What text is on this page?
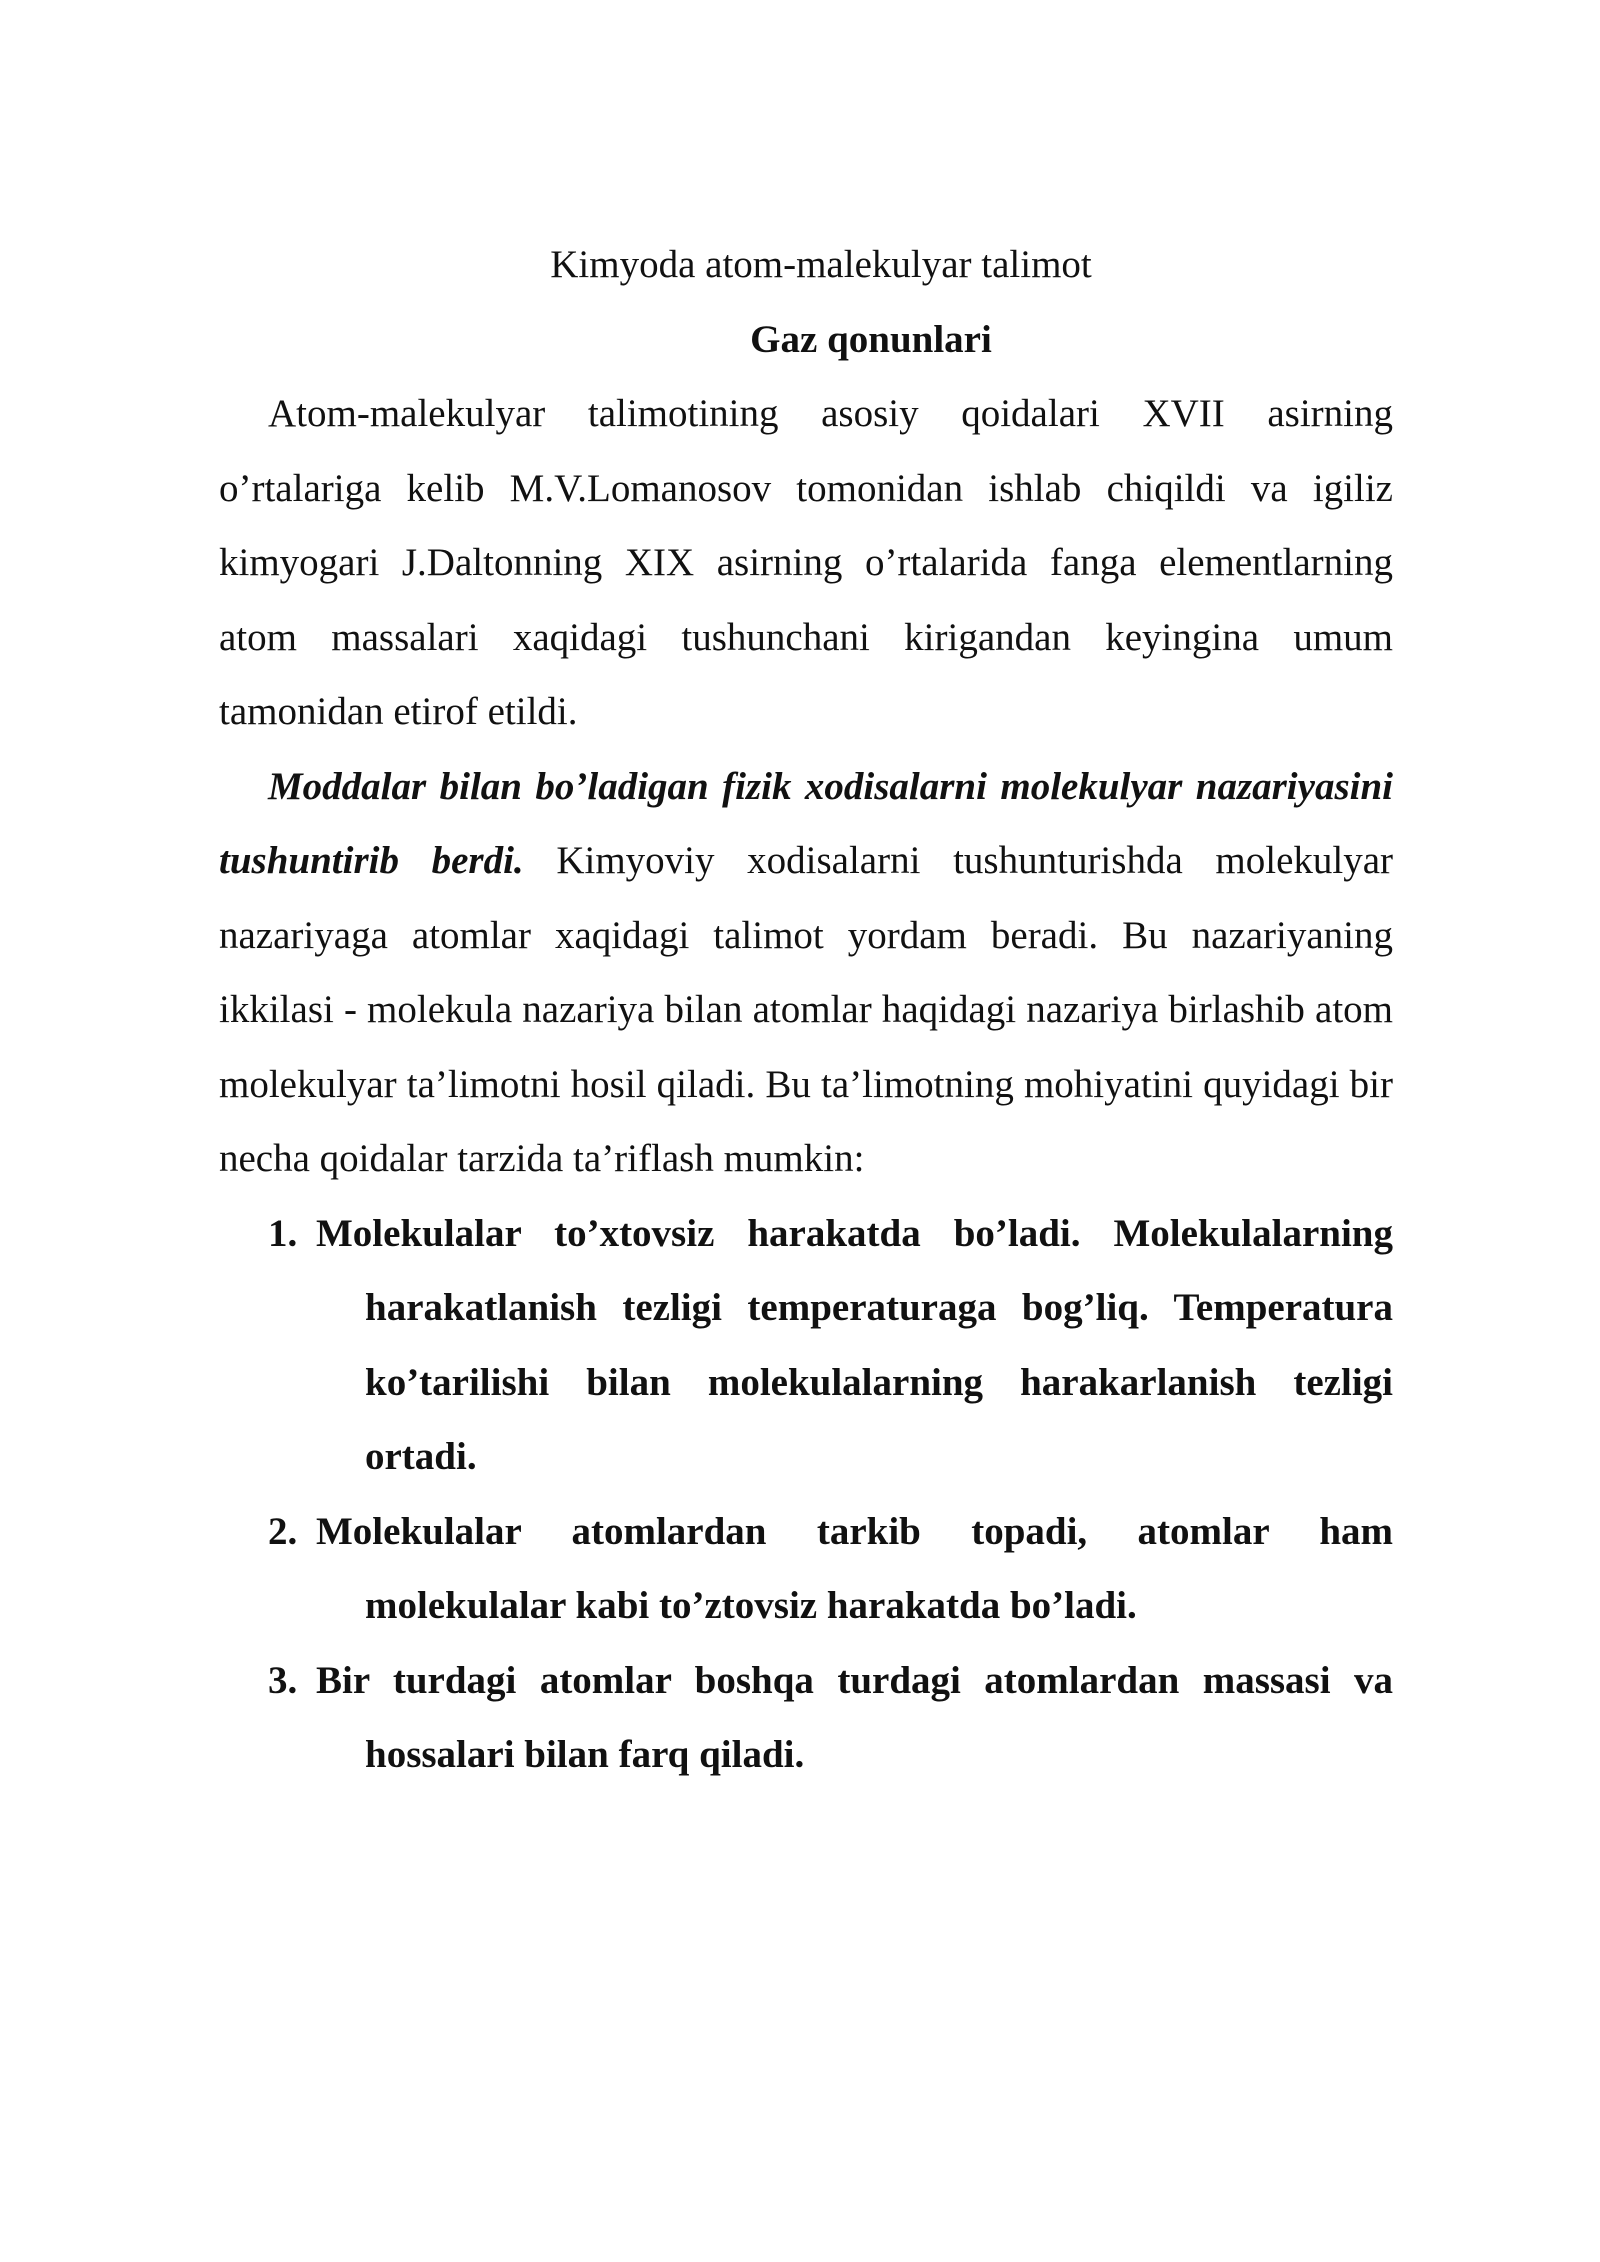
Kimyoda atom-malekulyar talimot
Gaz qonunlari

Atom-malekulyar talimotining asosiy qoidalari XVII asirning o’rtalariga kelib M.V.Lomanosov tomonidan ishlab chiqildi va igiliz kimyogari J.Daltonning XIX asirning o’rtalarida fanga elementlarning atom massalari xaqidagi tushunchani kirigandan keyingina umum tamonidan etirof etildi.

Moddalar bilan bo’ladigan fizik xodisalarni molekulyar nazariyasini tushuntirib berdi. Kimyoviy xodisalarni tushunturishda molekulyar nazariyaga atomlar xaqidagi talimot yordam beradi. Bu nazariyaning ikkilasi - molekula nazariya bilan atomlar haqidagi nazariya birlashib atom molekulyar ta’limotni hosil qiladi. Bu ta’limotning mohiyatini quyidagi bir necha qoidalar tarzida ta’riflash mumkin:

1. Molekulalar to’xtovsiz harakatda bo’ladi. Molekulalarning harakatlanish tezligi temperaturaga bog’liq. Temperatura ko’tarilishi bilan molekulalarning harakarlanish tezligi ortadi.
2. Molekulalar atomlardan tarkib topadi, atomlar ham molekulalar kabi to’ztovsiz harakatda bo’ladi.
3. Bir turdagi atomlar boshqa turdagi atomlardan massasi va hossalari bilan farq qiladi.
